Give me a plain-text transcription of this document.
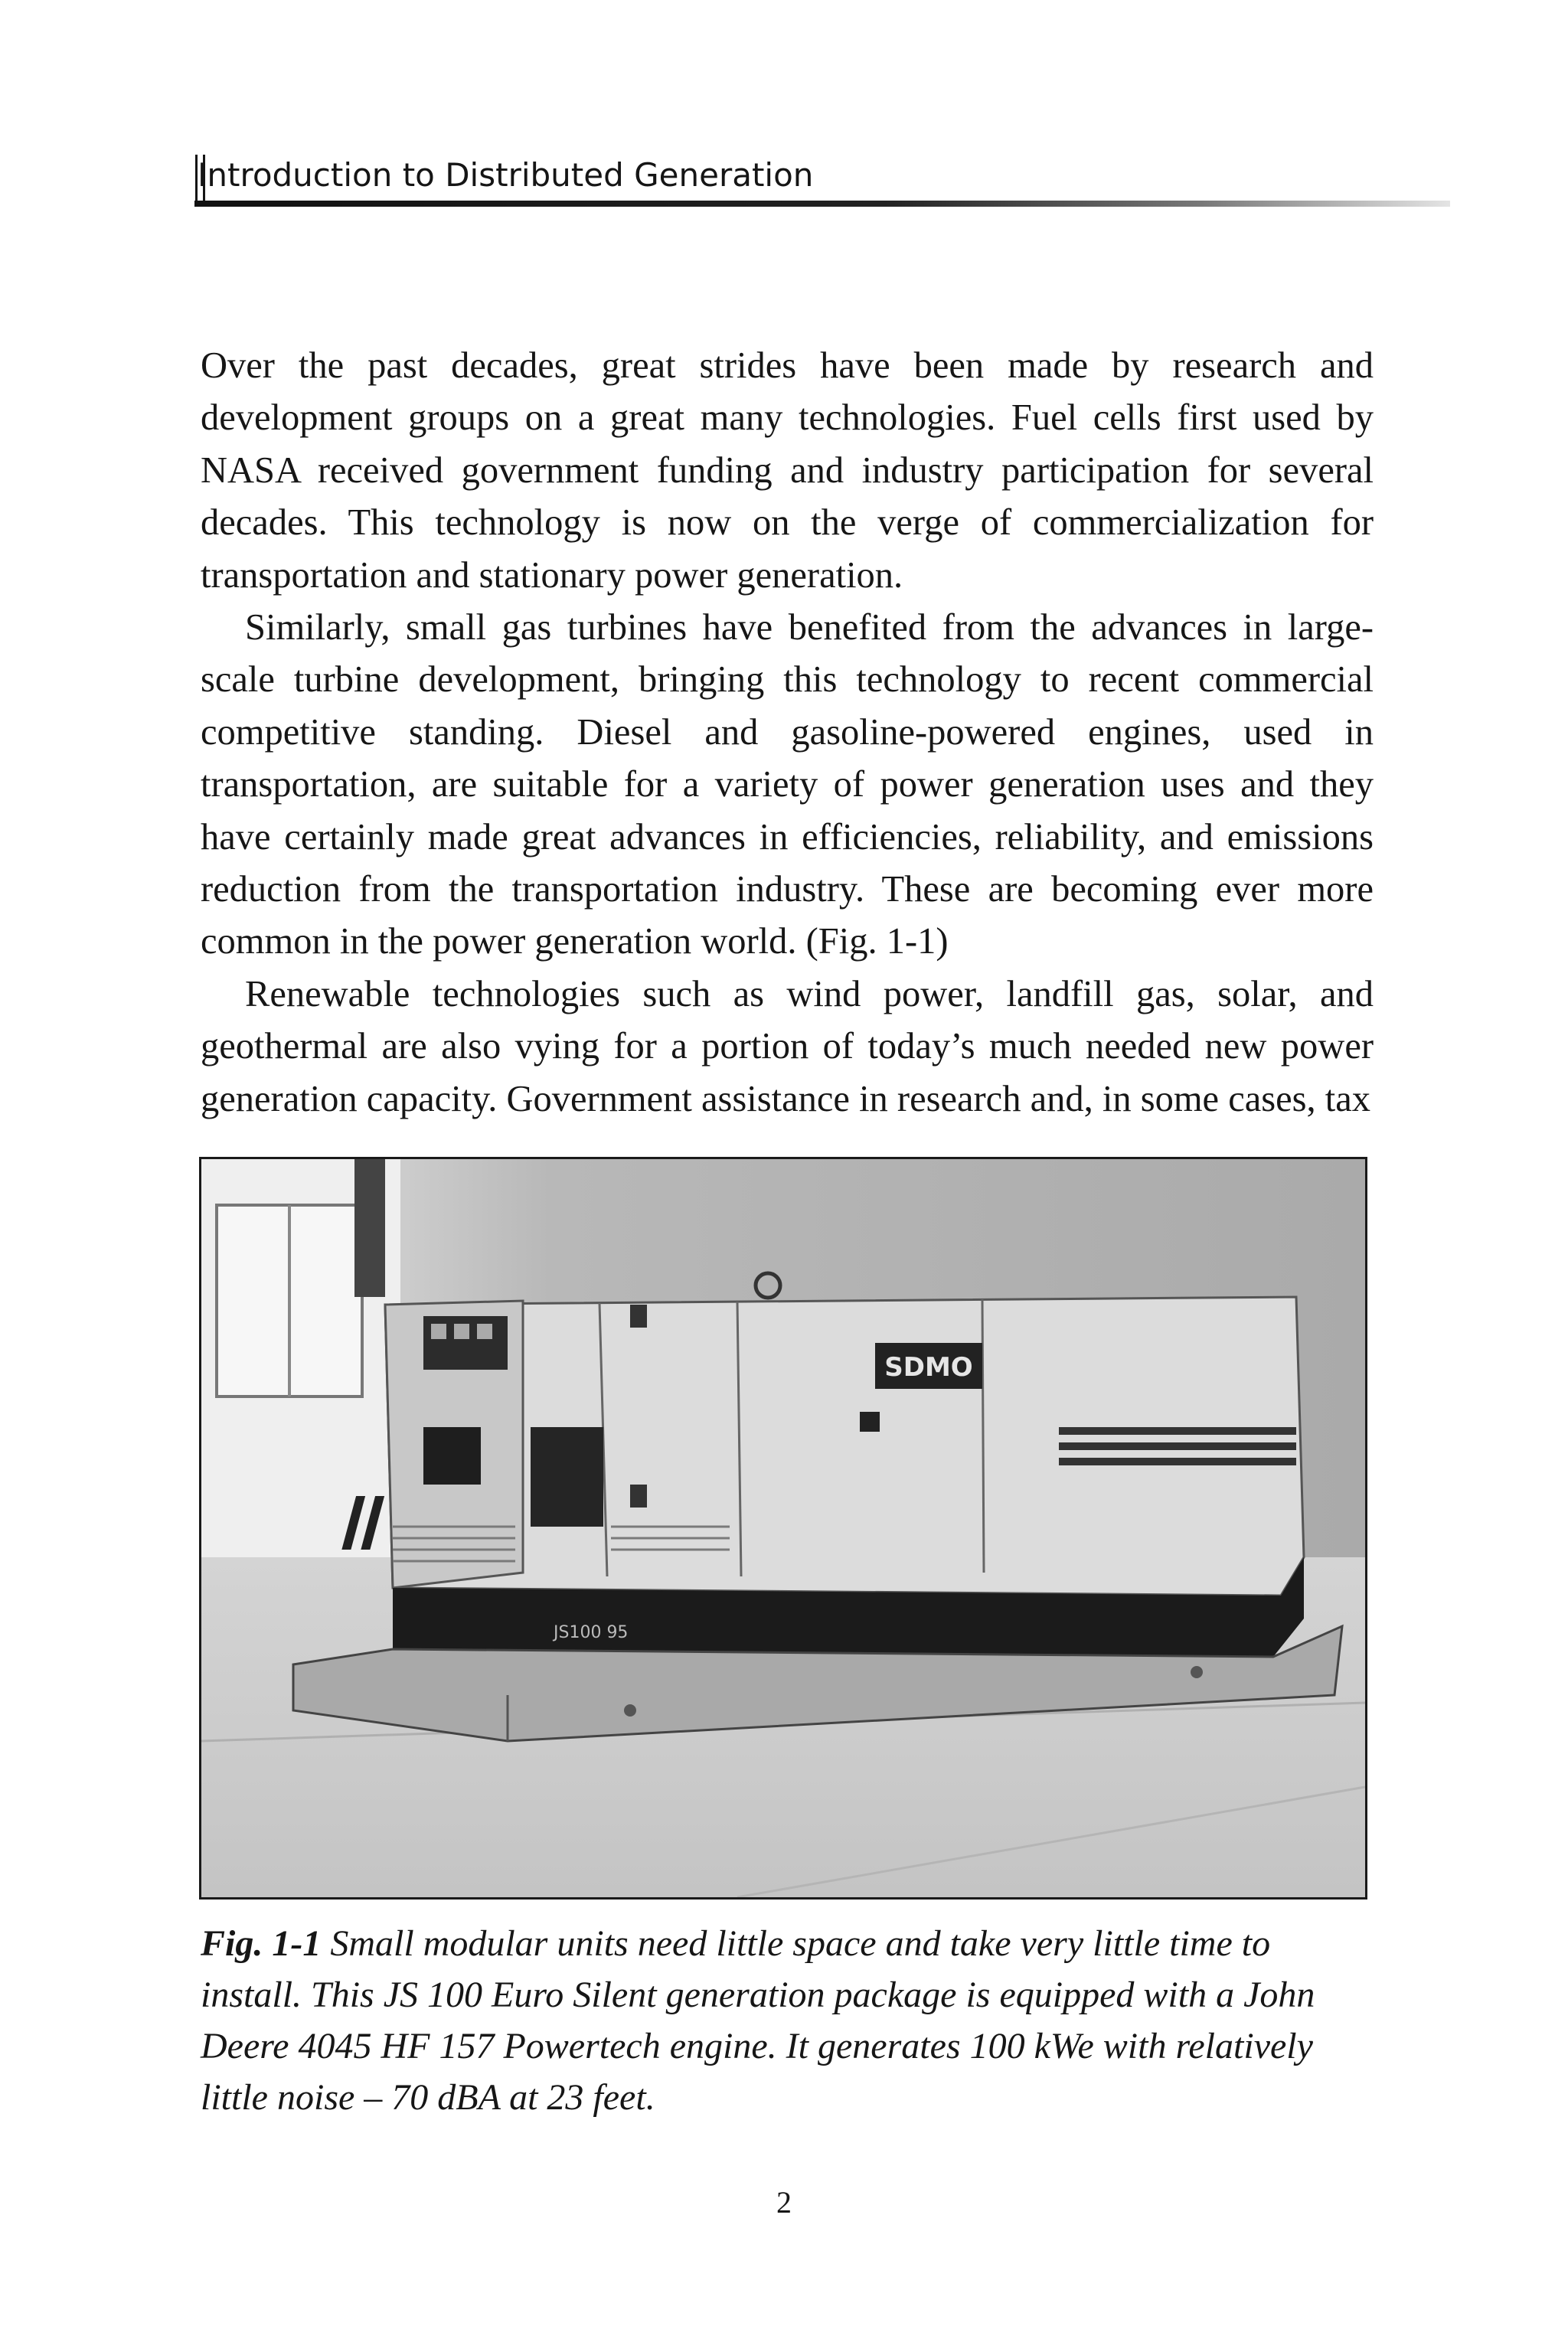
Introduction to Distributed Generation

Over the past decades, great strides have been made by research and development groups on a great many technologies. Fuel cells first used by NASA received government funding and industry participation for several decades. This technology is now on the verge of commercialization for transportation and stationary power generation.

Similarly, small gas turbines have benefited from the advances in large-scale turbine development, bringing this technology to recent commercial competitive standing. Diesel and gasoline-powered engines, used in transportation, are suitable for a variety of power generation uses and they have certainly made great advances in efficiencies, reliability, and emissions reduction from the transportation industry. These are becoming ever more common in the power generation world. (Fig. 1-1)

Renewable technologies such as wind power, landfill gas, solar, and geothermal are also vying for a portion of today’s much needed new power generation capacity. Government assistance in research and, in some cases, tax

SDMO
JS100 95
Fig. 1-1 Small modular units need little space and take very little time to install. This JS 100 Euro Silent generation package is equipped with a John Deere 4045 HF 157 Powertech engine. It generates 100 kWe with relatively little noise – 70 dBA at 23 feet.
2
